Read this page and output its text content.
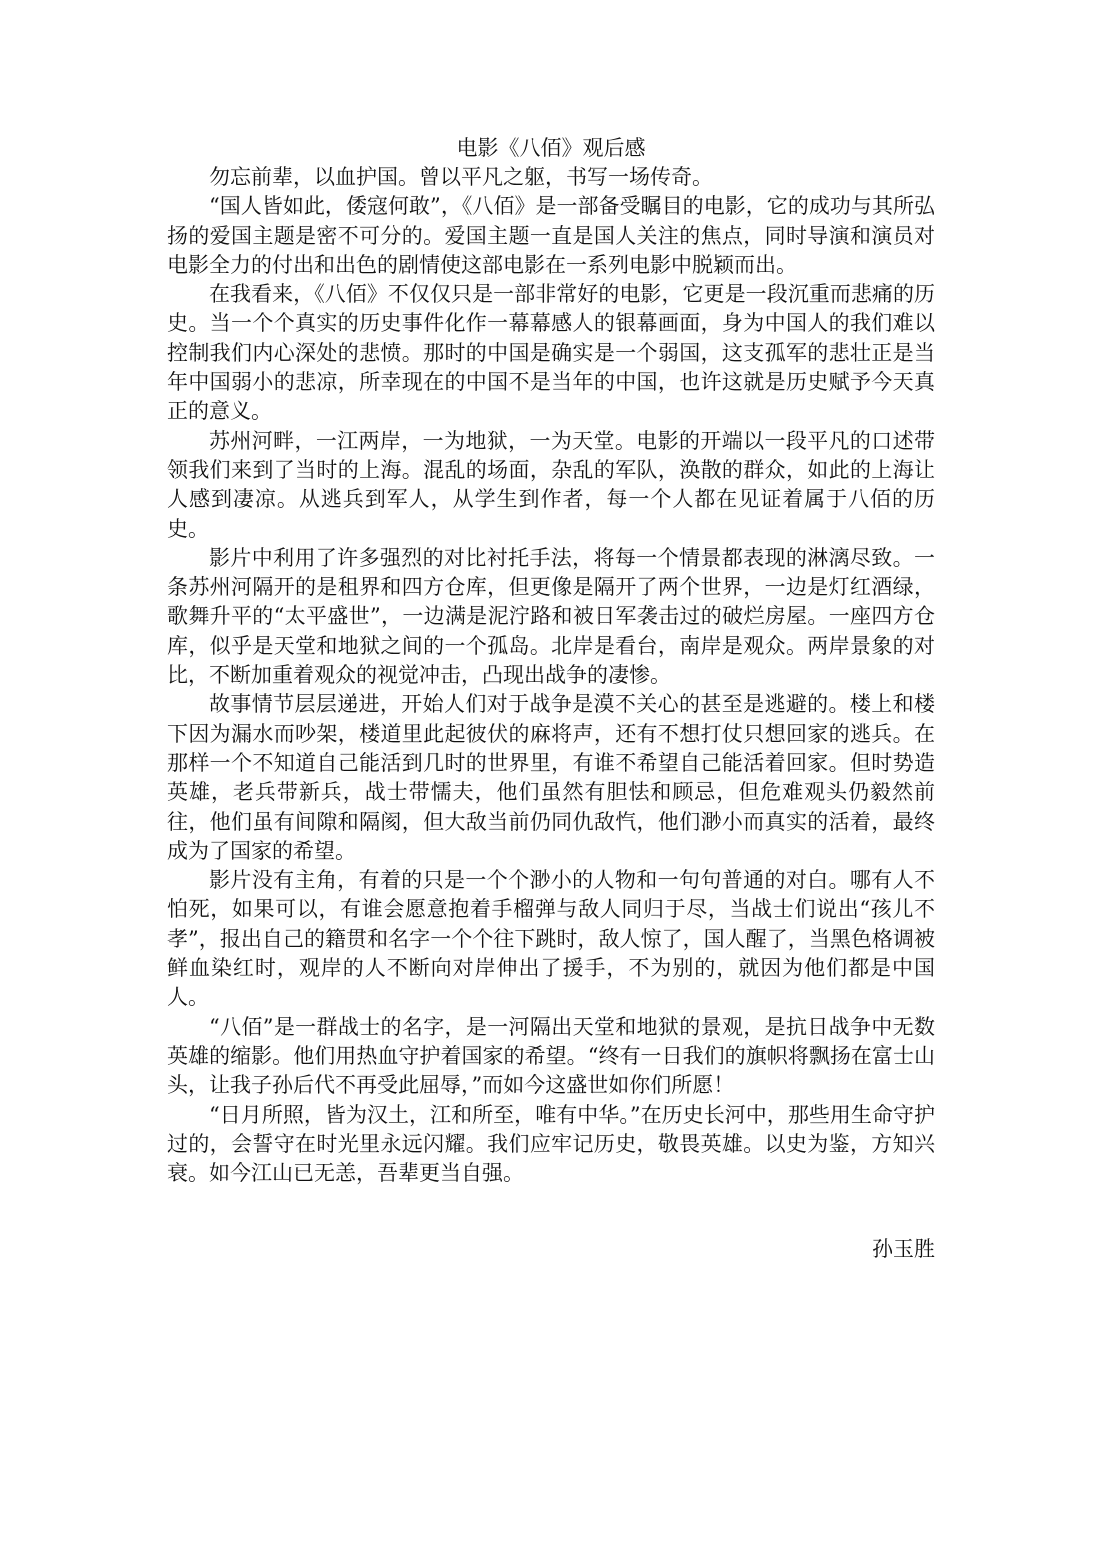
电影《八佰》观后感

勿忘前辈，以血护国。曾以平凡之躯，书写一场传奇。

“国人皆如此，倭寇何敢”，《八佰》是一部备受瞩目的电影，它的成功与其所弘扬的爱国主题是密不可分的。爱国主题一直是国人关注的焦点，同时导演和演员对电影全力的付出和出色的剧情使这部电影在一系列电影中脱颖而出。

在我看来，《八佰》不仅仅只是一部非常好的电影，它更是一段沉重而悲痛的历史。当一个个真实的历史事件化作一幕幕感人的银幕画面，身为中国人的我们难以控制我们内心深处的悲愤。那时的中国是确实是一个弱国，这支孤军的悲壮正是当年中国弱小的悲凉，所幸现在的中国不是当年的中国，也许这就是历史赋予今天真正的意义。

苏州河畔，一江两岸，一为地狱，一为天堂。电影的开端以一段平凡的口述带领我们来到了当时的上海。混乱的场面，杂乱的军队，涣散的群众，如此的上海让人感到凄凉。从逃兵到军人，从学生到作者，每一个人都在见证着属于八佰的历史。

影片中利用了许多强烈的对比衬托手法，将每一个情景都表现的淋漓尽致。一条苏州河隔开的是租界和四方仓库，但更像是隔开了两个世界，一边是灯红酒绿，歌舞升平的“太平盛世”，一边满是泥泞路和被日军袭击过的破烂房屋。一座四方仓库，似乎是天堂和地狱之间的一个孤岛。北岸是看台，南岸是观众。两岸景象的对比，不断加重着观众的视觉冲击，凸现出战争的凄惨。

故事情节层层递进，开始人们对于战争是漠不关心的甚至是逃避的。楼上和楼下因为漏水而吵架，楼道里此起彼伏的麻将声，还有不想打仗只想回家的逃兵。在那样一个不知道自己能活到几时的世界里，有谁不希望自己能活着回家。但时势造英雄，老兵带新兵，战士带懦夫，他们虽然有胆怯和顾忌，但危难观头仍毅然前往，他们虽有间隙和隔阂，但大敌当前仍同仇敌忾，他们渺小而真实的活着，最终成为了国家的希望。

影片没有主角，有着的只是一个个渺小的人物和一句句普通的对白。哪有人不怕死，如果可以，有谁会愿意抱着手榴弹与敌人同归于尽，当战士们说出“孩儿不孝”，报出自己的籍贯和名字一个个往下跳时，敌人惊了，国人醒了，当黑色格调被鲜血染红时，观岸的人不断向对岸伸出了援手，不为别的，就因为他们都是中国人。

“八佰”是一群战士的名字，是一河隔出天堂和地狱的景观，是抗日战争中无数英雄的缩影。他们用热血守护着国家的希望。“终有一日我们的旗帜将飘扬在富士山头，让我子孙后代不再受此屈辱，”而如今这盛世如你们所愿！

“日月所照，皆为汉土，江和所至，唯有中华。”在历史长河中，那些用生命守护过的，会誓守在时光里永远闪耀。我们应牢记历史，敬畏英雄。以史为鉴，方知兴衰。如今江山已无恙，吾辈更当自强。

孙玉胜
